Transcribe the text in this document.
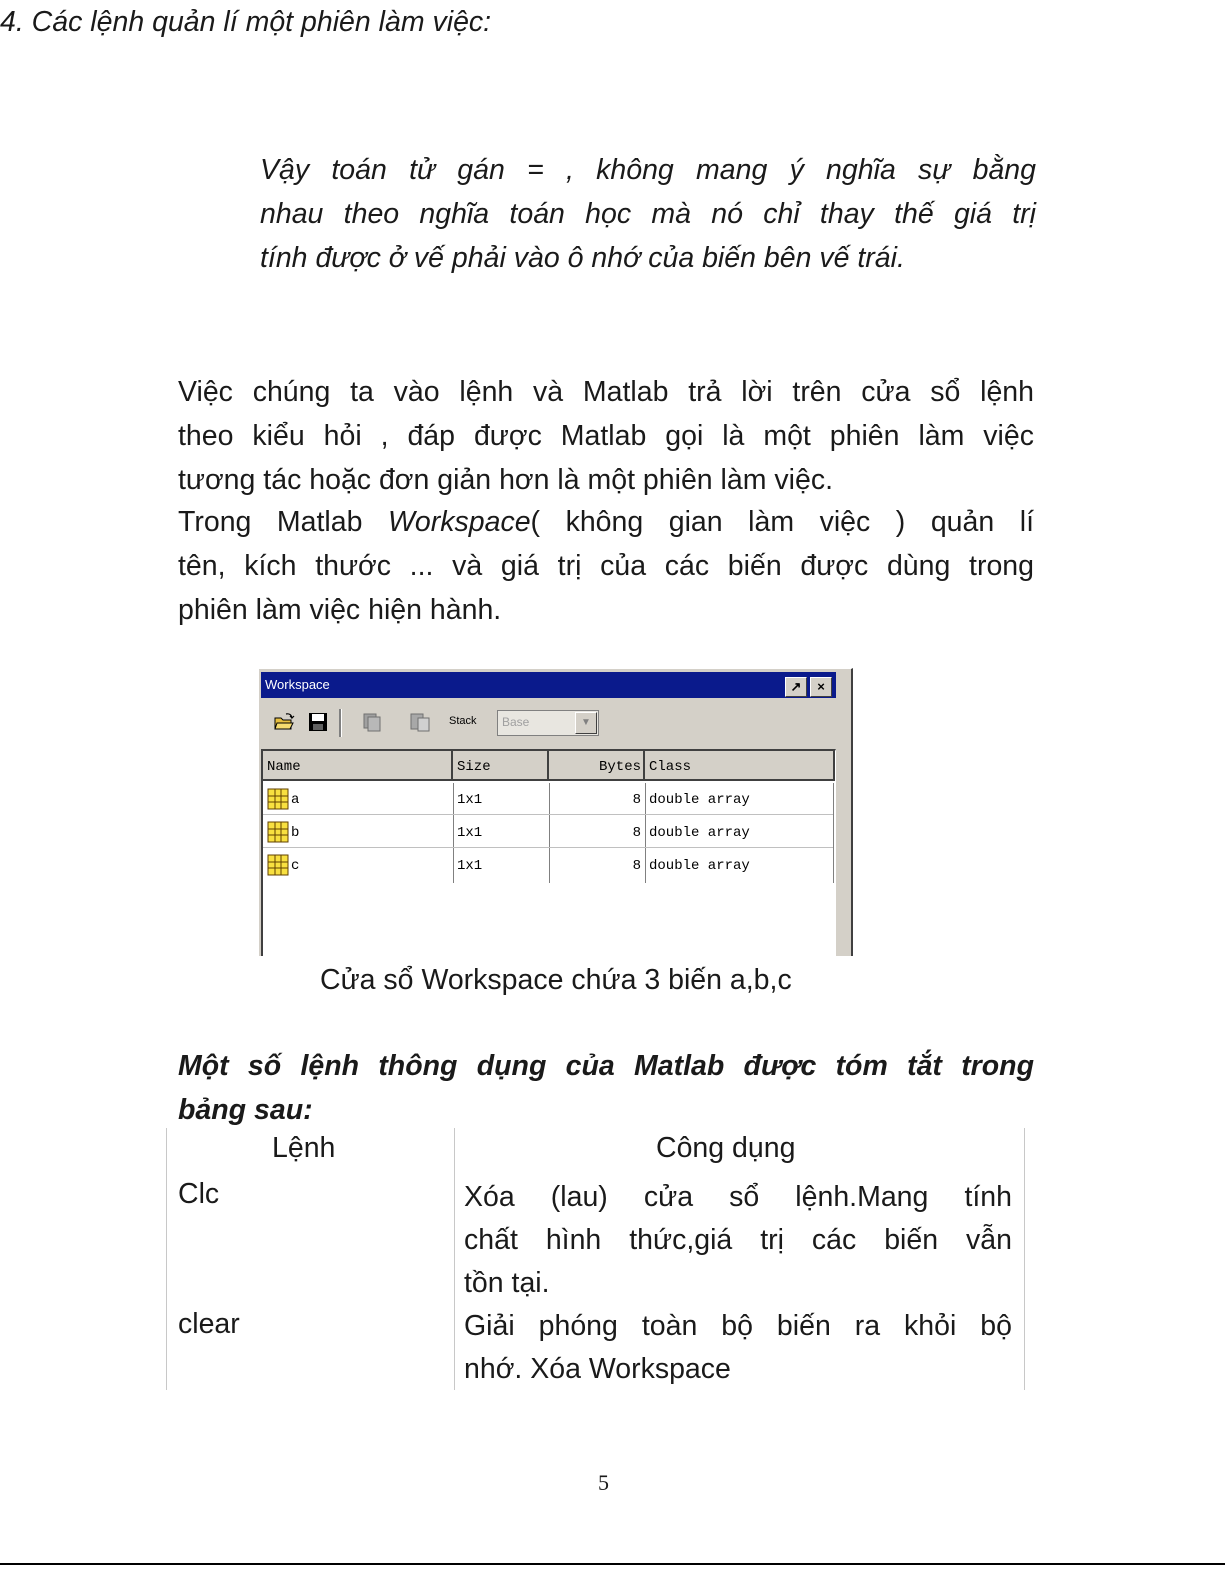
Vậy toán tử gán = , không mang ý nghĩa sự bằng
nhau theo nghĩa toán học mà nó chỉ thay thế giá trị
tính được ở vế phải vào ô nhớ của biến bên vế trái.
4. Các lệnh quản lí một phiên làm việc:
Việc chúng ta vào lệnh và Matlab trả lời trên cửa sổ lệnh
theo kiểu hỏi , đáp được Matlab gọi là một phiên làm việc
tương tác hoặc đơn giản hơn là một phiên làm việc.
Trong Matlab Workspace( không gian làm việc ) quản lí
tên, kích thước ... và giá trị của các biến được dùng trong
phiên làm việc hiện hành.
Workspace	↗	×
Stack Base	▼
Name	Size	Bytes Class
a	1x1	8 double array
b	1x1	8 double array
c	1x1	8 double array
Cửa sổ Workspace chứa 3 biến a,b,c
Một số lệnh thông dụng của Matlab được tóm tắt trong
bảng sau:
Lệnh	Công dụng
Clc	Xóa (lau) cửa sổ lệnh.Mang tính
chất hình thức,giá trị các biến vẫn
tồn tại.
clear	Giải phóng toàn bộ biến ra khỏi bộ
nhớ. Xóa Workspace
5
